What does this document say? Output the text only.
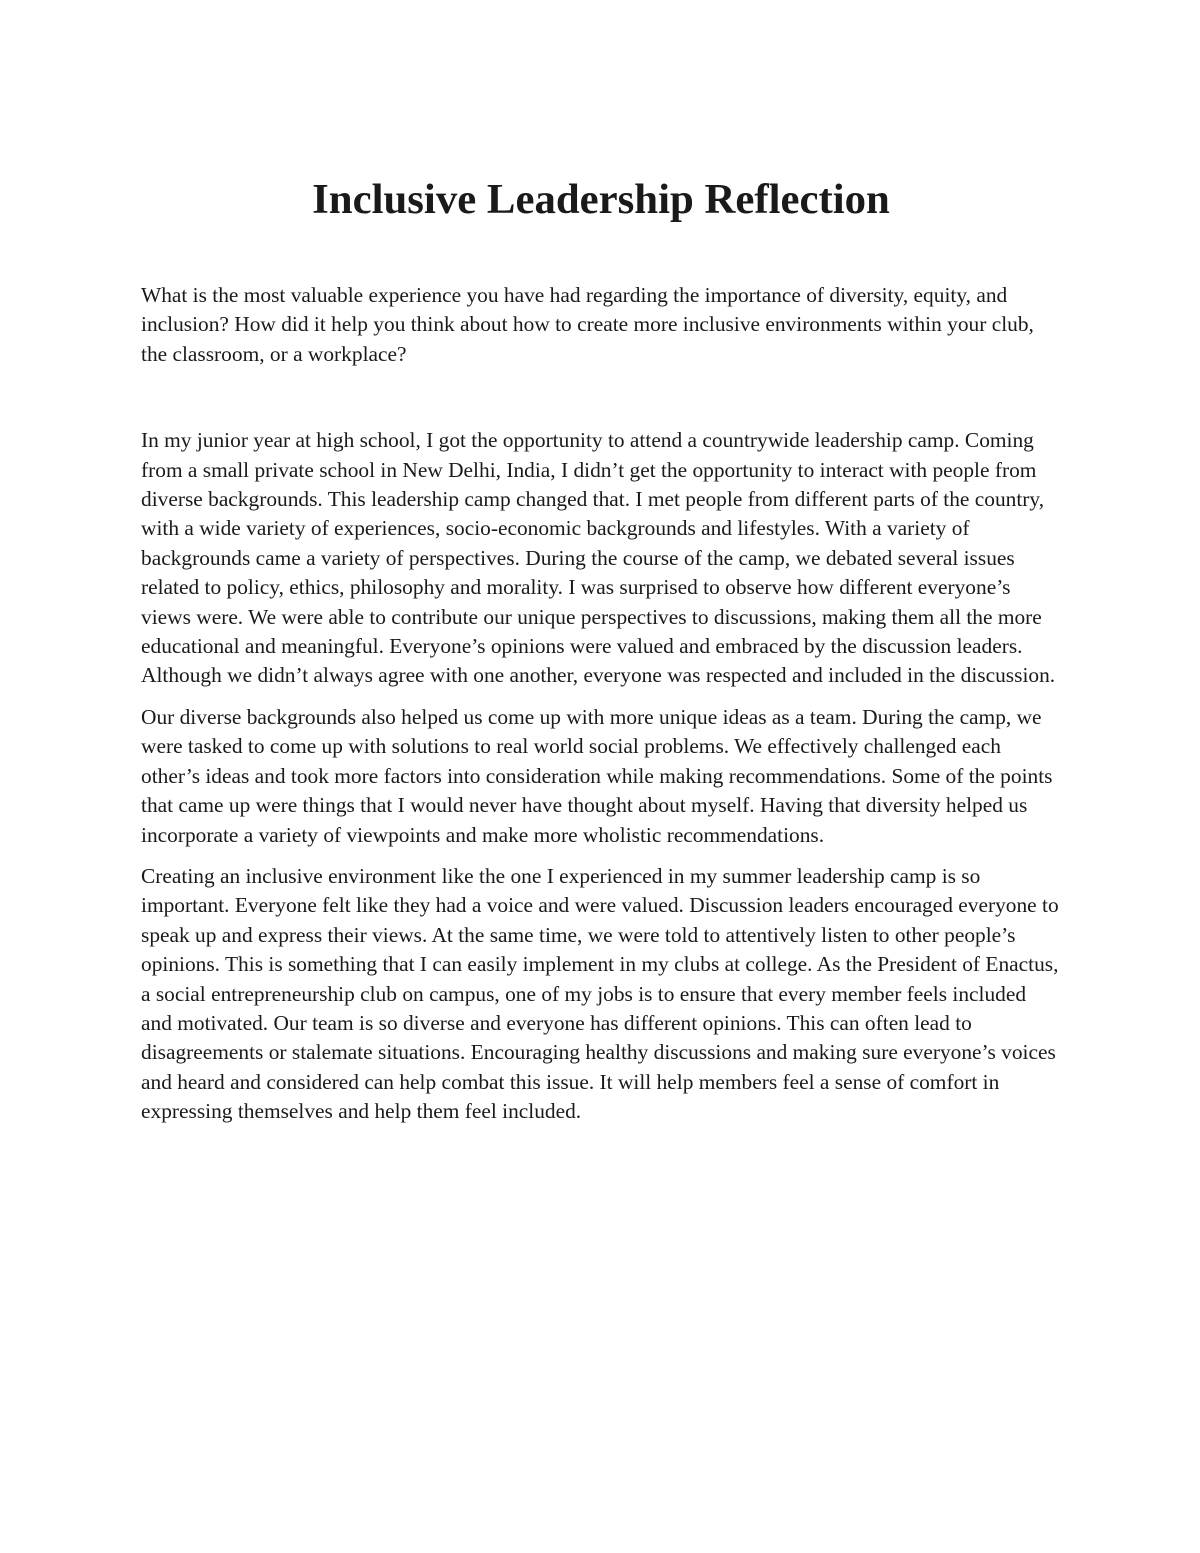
Inclusive Leadership Reflection

What is the most valuable experience you have had regarding the importance of diversity, equity, and inclusion? How did it help you think about how to create more inclusive environments within your club, the classroom, or a workplace?

In my junior year at high school, I got the opportunity to attend a countrywide leadership camp. Coming from a small private school in New Delhi, India, I didn’t get the opportunity to interact with people from diverse backgrounds. This leadership camp changed that. I met people from different parts of the country, with a wide variety of experiences, socio-economic backgrounds and lifestyles. With a variety of backgrounds came a variety of perspectives. During the course of the camp, we debated several issues related to policy, ethics, philosophy and morality. I was surprised to observe how different everyone’s views were. We were able to contribute our unique perspectives to discussions, making them all the more educational and meaningful. Everyone’s opinions were valued and embraced by the discussion leaders. Although we didn’t always agree with one another, everyone was respected and included in the discussion.

Our diverse backgrounds also helped us come up with more unique ideas as a team. During the camp, we were tasked to come up with solutions to real world social problems. We effectively challenged each other’s ideas and took more factors into consideration while making recommendations. Some of the points that came up were things that I would never have thought about myself. Having that diversity helped us incorporate a variety of viewpoints and make more wholistic recommendations.

Creating an inclusive environment like the one I experienced in my summer leadership camp is so important. Everyone felt like they had a voice and were valued. Discussion leaders encouraged everyone to speak up and express their views. At the same time, we were told to attentively listen to other people’s opinions. This is something that I can easily implement in my clubs at college. As the President of Enactus, a social entrepreneurship club on campus, one of my jobs is to ensure that every member feels included and motivated. Our team is so diverse and everyone has different opinions. This can often lead to disagreements or stalemate situations. Encouraging healthy discussions and making sure everyone’s voices and heard and considered can help combat this issue. It will help members feel a sense of comfort in expressing themselves and help them feel included.
